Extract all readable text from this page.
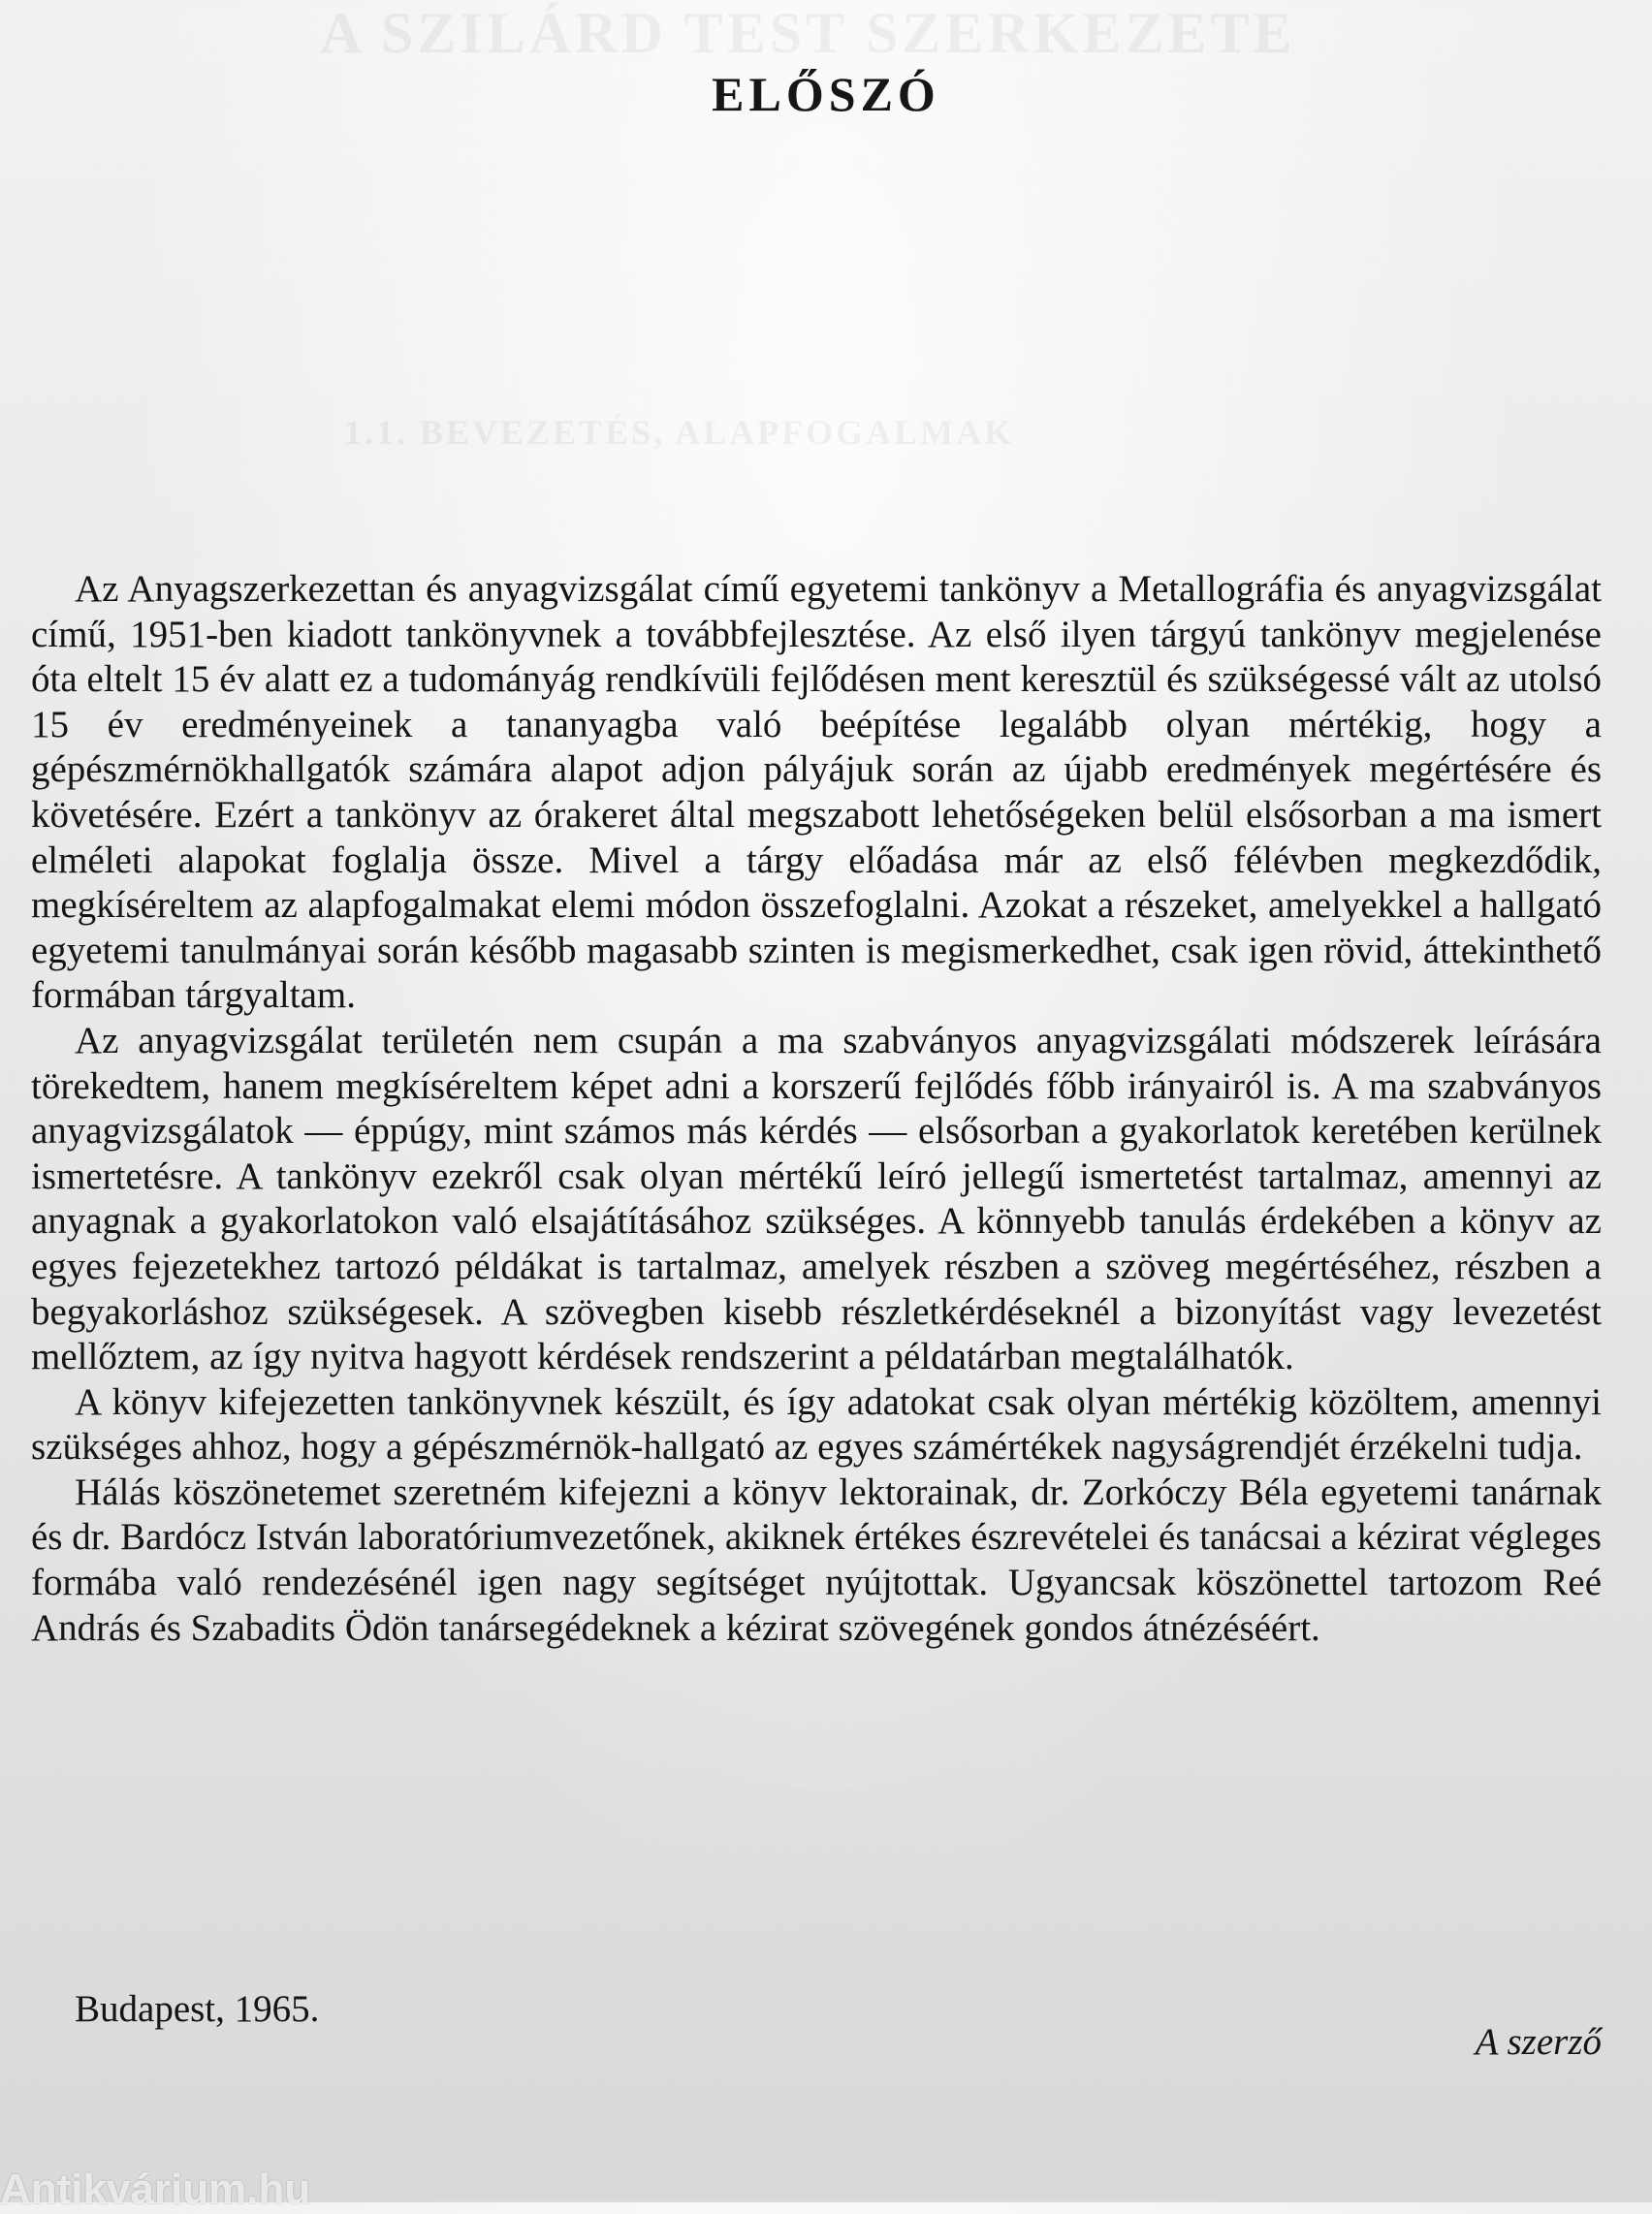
A SZILÁRD TEST SZERKEZETE
1.1. BEVEZETÉS, ALAPFOGALMAK
ELŐSZÓ

Az Anyagszerkezettan és anyagvizsgálat című egyetemi tankönyv a Metallográfia és anyagvizsgálat című, 1951-ben kiadott tankönyvnek a továbbfejlesztése. Az első ilyen tárgyú tankönyv megjelenése óta eltelt 15 év alatt ez a tudományág rendkívüli fejlődésen ment keresztül és szükségessé vált az utolsó 15 év eredményeinek a tananyagba való beépítése legalább olyan mértékig, hogy a gépészmérnökhallgatók számára alapot adjon pályájuk során az újabb eredmények megértésére és követésére. Ezért a tankönyv az órakeret által megszabott lehetőségeken belül elsősorban a ma ismert elméleti alapokat foglalja össze. Mivel a tárgy előadása már az első félévben megkezdődik, megkíséreltem az alapfogalmakat elemi módon összefoglalni. Azokat a részeket, amelyekkel a hallgató egyetemi tanulmányai során később magasabb szinten is megismerkedhet, csak igen rövid, áttekinthető formában tárgyaltam.

Az anyagvizsgálat területén nem csupán a ma szabványos anyagvizsgálati módszerek leírására törekedtem, hanem megkíséreltem képet adni a korszerű fejlődés főbb irányairól is. A ma szabványos anyagvizsgálatok — éppúgy, mint számos más kérdés — elsősorban a gyakorlatok keretében kerülnek ismertetésre. A tankönyv ezekről csak olyan mértékű leíró jellegű ismertetést tartalmaz, amennyi az anyagnak a gyakorlatokon való elsajátításához szükséges. A könnyebb tanulás érdekében a könyv az egyes fejezetekhez tartozó példákat is tartalmaz, amelyek részben a szöveg megértéséhez, részben a begyakorláshoz szükségesek. A szövegben kisebb részletkérdéseknél a bizonyítást vagy levezetést mellőztem, az így nyitva hagyott kérdések rendszerint a példatárban megtalálhatók.

A könyv kifejezetten tankönyvnek készült, és így adatokat csak olyan mértékig közöltem, amennyi szükséges ahhoz, hogy a gépészmérnök-hallgató az egyes számértékek nagyságrendjét érzékelni tudja.

Hálás köszönetemet szeretném kifejezni a könyv lektorainak, dr. Zorkóczy Béla egyetemi tanárnak és dr. Bardócz István laboratóriumvezetőnek, akiknek értékes észrevételei és tanácsai a kézirat végleges formába való rendezésénél igen nagy segítséget nyújtottak. Ugyancsak köszönettel tartozom Reé András és Szabadits Ödön tanársegédeknek a kézirat szövegének gondos átnézéséért.

Budapest, 1965.
A szerző
Antikvárium.hu
